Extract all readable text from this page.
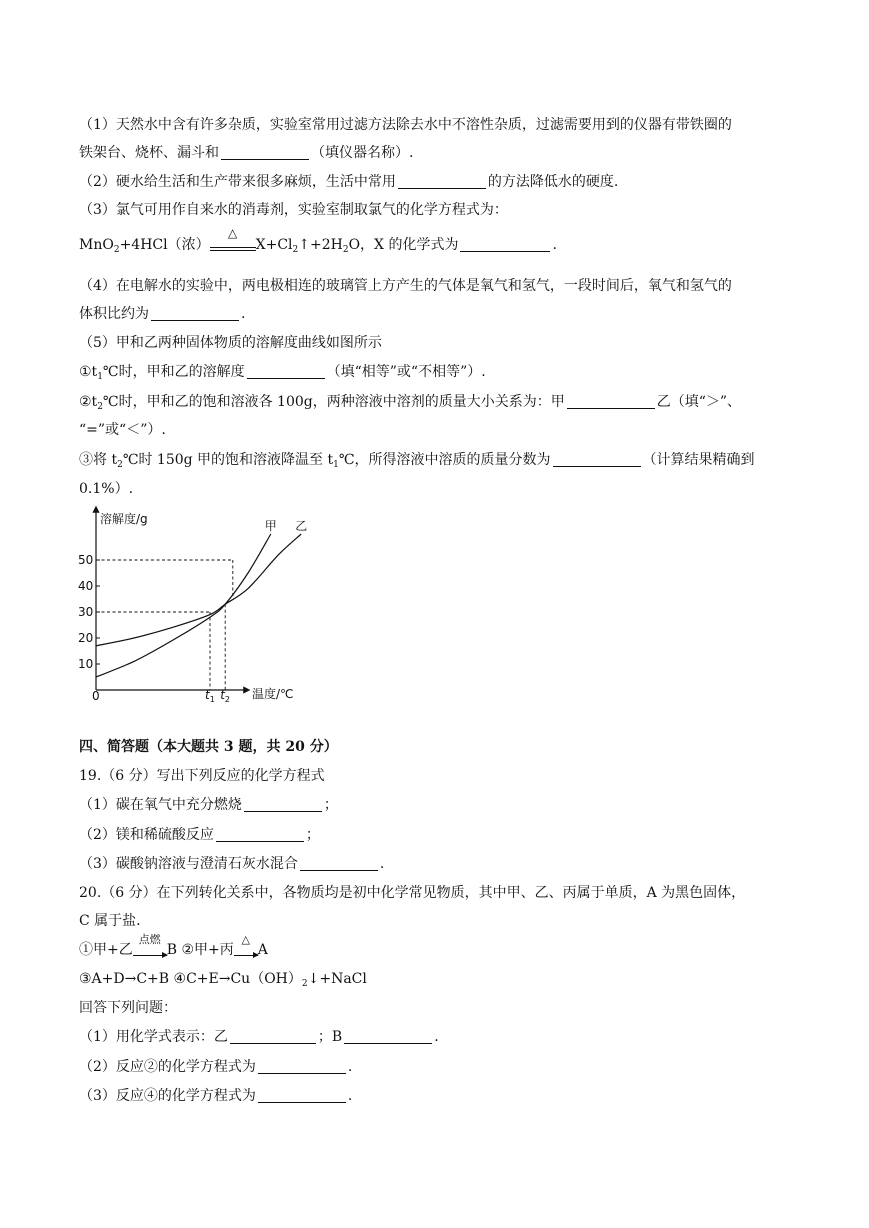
（1）天然水中含有许多杂质，实验室常用过滤方法除去水中不溶性杂质，过滤需要用到的仪器有带铁圈的
铁架台、烧杯、漏斗和	（填仪器名称）.
（2）硬水给生活和生产带来很多麻烦，生活中常用	的方法降低水的硬度.
（3）氯气可用作自来水的消毒剂，实验室制取氯气的化学方程式为：
MnO$_2$+4HCl（浓）
△
$X+Cl_2↑+2H_2O$，X 的化学式为	.
（4）在电解水的实验中，两电极相连的玻璃管上方产生的气体是氧气和氢气，一段时间后，氧气和氢气的
体积比约为	.
（5）甲和乙两种固体物质的溶解度曲线如图所示
$①t_1℃$时，甲和乙的溶解度	（填“相等”或“不相等”）.
$②t_2℃$时，甲和乙的饱和溶液各 100g，两种溶液中溶剂的质量大小关系为：甲	乙（填“＞”、
“=”或“＜”）.
③将 $t_2℃$时 150g 甲的饱和溶液降温至 $t_1℃$，所得溶液中溶质的质量分数为	（计算结果精确到
0.1%）.
溶解度/g
温度/℃
0
10
20
30
40
50
$t_1$ $t_2$
甲 乙
四、简答题（本大题共 3 题，共 20 分）
19.（6 分）写出下列反应的化学方程式
（1）碳在氧气中充分燃烧	；
（2）镁和稀硫酸反应	；
（3）碳酸钠溶液与澄清石灰水混合	.
20.（6 分）在下列转化关系中，各物质均是初中化学常见物质，其中甲、乙、丙属于单质，A 为黑色固体，
C 属于盐.
①甲+乙
点燃
B ②甲+丙
△
A
③A+D→C+B $④C+E\to Cu(OH)_2↓+NaCl$
回答下列问题：
（1）用化学式表示：乙	；B	.
（2）反应②的化学方程式为	.
（3）反应④的化学方程式为	.
